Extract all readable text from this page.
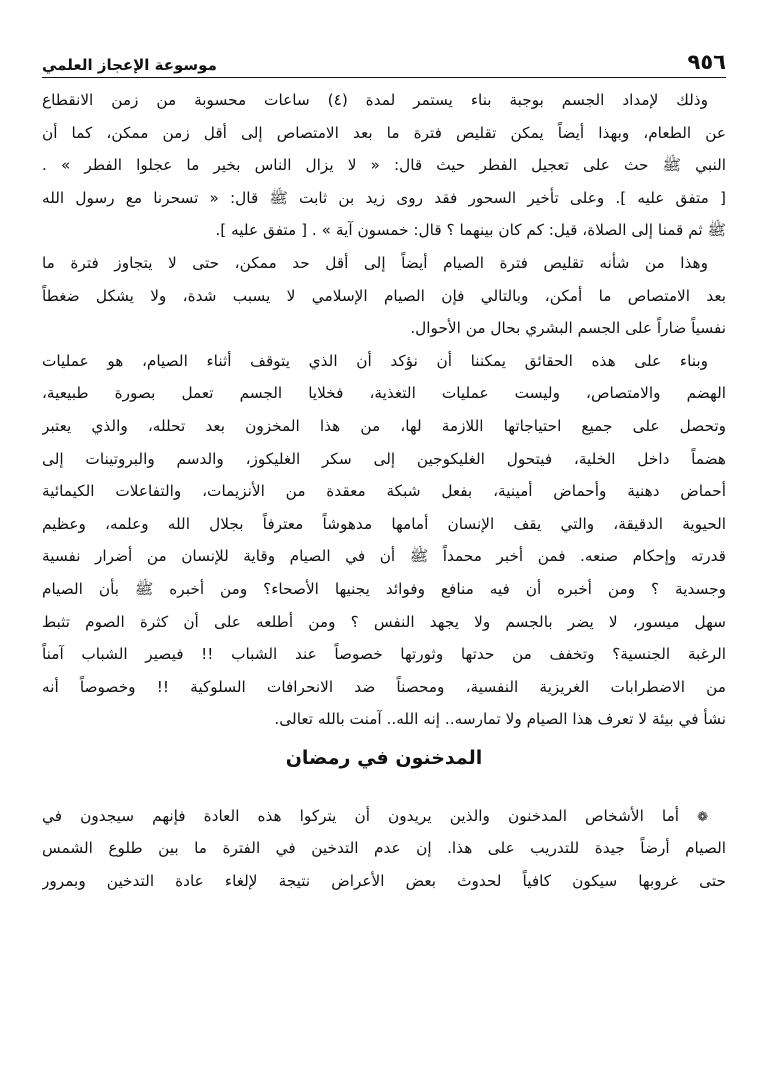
موسوعة الإعجاز العلمي	٩٥٦
وذلك لإمداد الجسم بوجبة بناء يستمر لمدة (٤) ساعات محسوبة من زمن الانقطاع
عن الطعام، وبهذا أيضاً يمكن تقليص فترة ما بعد الامتصاص إلى أقل زمن ممكن، كما أن
النبي ﷺ حث على تعجيل الفطر حيث قال: « لا يزال الناس بخير ما عجلوا الفطر » .
[ متفق عليه ]. وعلى تأخير السحور فقد روى زيد بن ثابت ﷺ قال: « تسحرنا مع رسول الله
ﷺ ثم قمنا إلى الصلاة، قيل: كم كان بينهما ؟ قال: خمسون آية » . [ متفق عليه ].
وهذا من شأنه تقليص فترة الصيام أيضاً إلى أقل حد ممكن، حتى لا يتجاوز فترة ما
بعد الامتصاص ما أمكن، وبالتالي فإن الصيام الإسلامي لا يسبب شدة، ولا يشكل ضغطاً
نفسياً ضاراً على الجسم البشري بحال من الأحوال.
وبناء على هذه الحقائق يمكننا أن نؤكد أن الذي يتوقف أثناء الصيام، هو عمليات
الهضم والامتصاص، وليست عمليات التغذية، فخلايا الجسم تعمل بصورة طبيعية،
وتحصل على جميع احتياجاتها اللازمة لها، من هذا المخزون بعد تحلله، والذي يعتبر
هضماً داخل الخلية، فيتحول الغليكوجين إلى سكر الغليكوز، والدسم والبروتينات إلى
أحماض دهنية وأحماض أمينية، بفعل شبكة معقدة من الأنزيمات، والتفاعلات الكيمائية
الحيوية الدقيقة، والتي يقف الإنسان أمامها مدهوشاً معترفاً بجلال الله وعلمه، وعظيم
قدرته وإحكام صنعه. فمن أخبر محمداً ﷺ أن في الصيام وقاية للإنسان من أضرار نفسية
وجسدية ؟ ومن أخبره أن فيه منافع وفوائد يجنيها الأصحاء؟ ومن أخبره ﷺ بأن الصيام
سهل ميسور، لا يضر بالجسم ولا يجهد النفس ؟ ومن أطلعه على أن كثرة الصوم تثبط
الرغبة الجنسية؟ وتخفف من حدتها وثورتها خصوصاً عند الشباب !! فيصير الشباب آمناً
من الاضطرابات الغريزية النفسية، ومحصناً ضد الانحرافات السلوكية !! وخصوصاً أنه
نشأ في بيئة لا تعرف هذا الصيام ولا تمارسه.. إنه الله.. آمنت بالله تعالى.
المدخنون في رمضان
❁ أما الأشخاص المدخنون والذين يريدون أن يتركوا هذه العادة فإنهم سيجدون في
الصيام أرضاً جيدة للتدريب على هذا. إن عدم التدخين في الفترة ما بين طلوع الشمس
حتى غروبها سيكون كافياً لحدوث بعض الأعراض نتيجة لإلغاء عادة التدخين وبمرور
